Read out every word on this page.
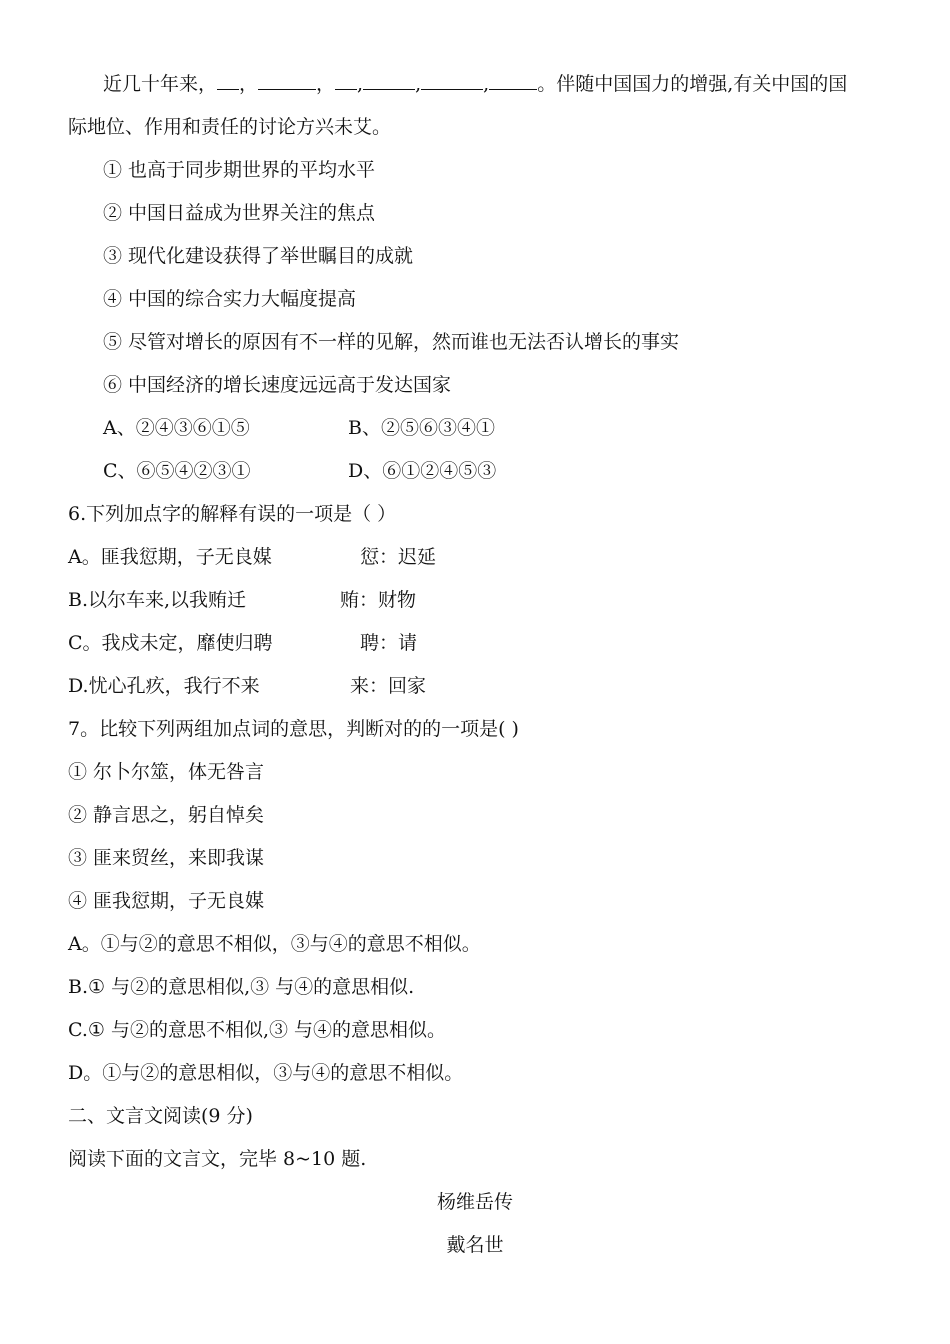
近几十年来， ，	， ,	,	,	。伴随中国国力的增强,有关中国的国
际地位、作用和责任的讨论方兴未艾。
① 也高于同步期世界的平均水平
② 中国日益成为世界关注的焦点
③ 现代化建设获得了举世瞩目的成就
④ 中国的综合实力大幅度提高
⑤ 尽管对增长的原因有不一样的见解，然而谁也无法否认增长的事实
⑥ 中国经济的增长速度远远高于发达国家
A、②④③⑥①⑤	B、②⑤⑥③④①
C、⑥⑤④②③①	D、⑥①②④⑤③
6.下列加点字的解释有误的一项是（ ）
A。匪我愆期，子无良媒	愆：迟延
B.以尔车来,以我贿迁	贿：财物
C。我戍未定，靡使归聘	聘：请
D.忧心孔疚，我行不来	来：回家
7。比较下列两组加点词的意思，判断对的的一项是( )
① 尔卜尔筮，体无咎言
② 静言思之，躬自悼矣
③ 匪来贸丝，来即我谋
④ 匪我愆期，子无良媒
A。①与②的意思不相似，③与④的意思不相似。
B.① 与②的意思相似,③ 与④的意思相似.
C.① 与②的意思不相似,③ 与④的意思相似。
D。①与②的意思相似，③与④的意思不相似。
二、文言文阅读(9 分)
阅读下面的文言文，完毕 8~10 题.
杨维岳传
戴名世
